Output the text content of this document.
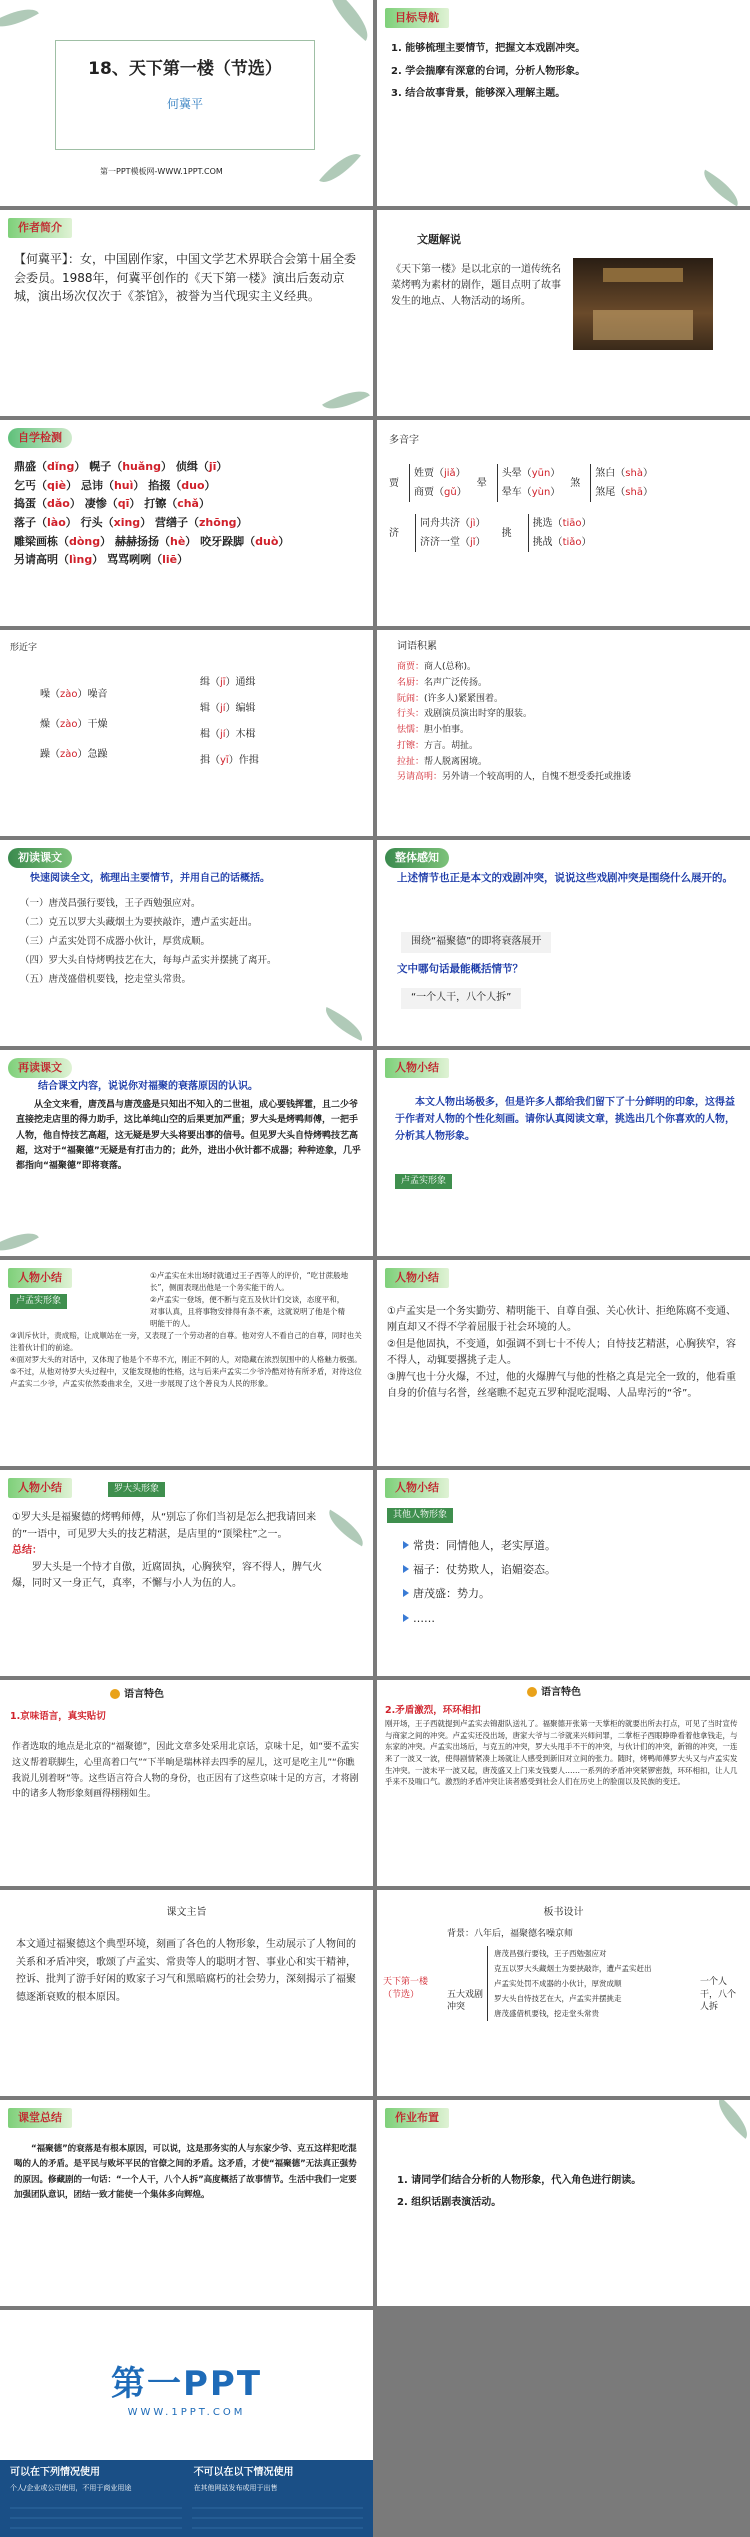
18、天下第一楼（节选）
何冀平
第一PPT模板网-WWW.1PPT.COM
目标导航
1. 能够梳理主要情节，把握文本戏剧冲突。
2. 学会揣摩有深意的台词，分析人物形象。
3. 结合故事背景，能够深入理解主题。
作者简介
【何冀平】：女，中国剧作家，中国文学艺术界联合会第十届全委会委员。1988年，何冀平创作的《天下第一楼》演出后轰动京城，演出场次仅次于《茶馆》，被誉为当代现实主义经典。
文题解说
《天下第一楼》是以北京的一道传统名菜烤鸭为素材的剧作，题目点明了故事发生的地点、人物活动的场所。
自学检测
鼎盛（dǐng） 幌子（huǎng） 侦缉（jī）
乞丐（qiè） 忌讳（huì） 掐掇（duo）
捣蛋（dǎo） 凄惨（qī） 打镲（chǎ）
落子（lào） 行头（xing） 营缮子（zhōng）
雕梁画栋（dòng） 赫赫扬扬（hè） 咬牙跺脚（duò）
另请高明（lìng） 骂骂咧咧（liē）
多音字
贾
姓贾（jiǎ）
商贾（gǔ）
晕
头晕（yūn）
晕车（yùn）
煞
煞白（shà）
煞尾（shā）
济
同舟共济（jì）
济济一堂（jǐ）
挑
挑选（tiāo）
挑战（tiǎo）
形近字
噪（zào）噪音
燥（zào）干燥
躁（zào）急躁
缉（jī）通缉
辑（jí）编辑
楫（jí）木楫
揖（yī）作揖
词语积累
商贾：商人(总称)。
名厨：名声广泛传扬。
阮闹：(许多人)紧紧围着。
行头：戏剧演员演出时穿的服装。
怯懦：胆小怕事。
打镲：方言。胡扯。
拉扯：帮人脱离困境。
另请高明：另外请一个较高明的人，自愧不想受委托或推诿
初读课文
快速阅读全文，梳理出主要情节，并用自己的话概括。
（一）唐茂昌强行要钱，王子西勉强应对。
（二）克五以罗大头藏烟土为要挟敲诈，遭卢孟实赶出。
（三）卢孟实处罚不成器小伙计，厚赏成顺。
（四）罗大头自恃烤鸭技艺在大，每每卢孟实并摆挑了离开。
（五）唐茂盛借机要钱，挖走堂头常贵。
整体感知
上述情节也正是本文的戏剧冲突，说说这些戏剧冲突是围绕什么展开的。
围绕“福聚德”的即将衰落展开
文中哪句话最能概括情节？
“一个人干，八个人拆”
再读课文
结合课文内容，说说你对福聚的衰落原因的认识。
从全文来看，唐茂昌与唐茂盛是只知出不知入的二世祖，成心要钱挥霍，且二少爷直接挖走店里的得力助手，这比单纯山空的后果更加严重；罗大头是烤鸭师傅，一把手人物，他自恃技艺高超，这无疑是罗大头将要出事的信号。但见罗大头自恃烤鸭技艺高超，这对于“福聚德”无疑是有打击力的；此外，进出小伙计都不成器；种种迹象，几乎都指向“福聚德”即将衰落。
人物小结
本文人物出场极多，但是许多人都给我们留下了十分鲜明的印象，这得益于作者对人物的个性化刻画。请你认真阅读文章，挑选出几个你喜欢的人物，分析其人物形象。
卢孟实形象
人物小结
卢孟实形象
①卢孟实在未出场时就通过王子西等人的评价，“吃甘蔗般地长”，侧面表现出他是一个务实能干的人。
②卢孟实一登场，便不断与克五及伙计们交谈，态度平和，对事认真，且将事物安排得有条不紊，这就说明了他是个精明能干的人。
③训斥伙计，责成赔，让成顺站在一旁，又表现了一个劳动者的自尊。他对穷人不看自己的自尊，同时也关注着伙计们的前途。
④面对罗大头的对话中，又体现了他是个不卑不亢，刚正不阿的人，对隐藏在浓烈氛围中的人格魅力极强。
⑤不过，从他对待罗大头过程中，又能发现他的性格，这与后来卢孟实二少爷冷酷对待有所矛盾，对待这位卢孟实二少爷，卢孟实依然委曲求全，又进一步展现了这个善良为人民的形象。
人物小结
①卢孟实是一个务实勤劳、精明能干、自尊自强、关心伙计、拒绝陈腐不变通、刚直却又不得不学着屈服于社会环境的人。
②但是他固执，不变通，如强调不到七十不传人；自恃技艺精湛，心胸狭窄，容不得人，动辄要撂挑子走人。
③脾气也十分火爆，不过，他的火爆脾气与他的性格之真是完全一致的，他看重自身的价值与名誉，丝毫瞧不起克五罗种混吃混喝、人品卑污的“爷”。
人物小结	罗大头形象
①罗大头是福聚德的烤鸭师傅，从“别忘了你们当初是怎么把我请回来的”一语中，可见罗大头的技艺精湛，是店里的“顶梁柱”之一。
总结：
罗大头是一个恃才自傲，近腐固执，心胸狭窄，容不得人，脾气火爆，同时又一身正气，真率，不懈与小人为伍的人。
人物小结
其他人物形象
常贵：同情他人，老实厚道。
福子：仗势欺人，谄媚姿态。
唐茂盛：势力。
……
语言特色
1.京味语言，真实贴切
作者选取的地点是北京的“福聚德”，因此文章多处采用北京话，京味十足，如“要不孟实这义帮着联脚生，心里高着口气”“下半晌是瑞林祥去四季的屋儿，这可是吃主儿”“你瞧我说儿别着呀”等。这些语言符合人物的身份，也正因有了这些京味十足的方言，才将剧中的诸多人物形象刻画得栩栩如生。
语言特色
2.矛盾激烈，环环相扣
刚开场，王子西就提到卢孟实去锦甜队送礼了。福聚德开张第一天掌柜的就要出所去打点，可见了当时宣传与商家之间的冲突。卢孟实还没出场，唐家大爷与二爷就来兴师问罪，二掌柜子西眼睁睁看着他拿钱走，与东家的冲突。卢孟实出场后，与克五的冲突，罗大头甩手不干的冲突，与伙计们的冲突，新锦的冲突，一连来了一波又一波，使得剧情紧凑上场就让人感受到新旧对立间的张力。随时，烤鸭师傅罗大头又与卢孟实发生冲突。一波未平一波又起，唐茂盛又上门来支钱要人……一系列的矛盾冲突紧锣密鼓，环环相扣，让人几乎来不及喘口气。激烈的矛盾冲突让读者感受到社会人们在历史上的脸面以及民族的变迁。
课文主旨
本文通过福聚德这个典型环境，刻画了各色的人物形象，生动展示了人物间的关系和矛盾冲突，歌颂了卢孟实、常贵等人的聪明才智、事业心和实干精神，控诉、批判了游手好闲的败家子习气和黑暗腐朽的社会势力，深刻揭示了福聚德逐渐衰败的根本原因。
板书设计
天下第一楼（节选）
背景：八年后，福聚德名噪京师
五大戏剧冲突
唐茂昌强行要钱，王子西勉强应对
克五以罗大头藏烟土为要挟敲诈，遭卢孟实赶出
卢孟实处罚不成器的小伙计，厚赏成顺
罗大头自恃技艺在大，卢孟实并摆挑走
唐茂盛借机要钱，挖走堂头常贵
一个人干，八个人拆
课堂总结
“福聚德”的衰落是有根本原因，可以说，这是那务实的人与东家少爷、克五这样犯吃混喝的人的矛盾。是平民与败坏平民的官僚之间的矛盾。这矛盾，才使“福聚德”无法真正强势的原因。修藏剧的一句话：“一个人干，八个人拆”高度概括了故事情节。生活中我们一定要加强团队意识，团结一致才能使一个集体多向辉煌。
作业布置
1. 请同学们结合分析的人物形象，代入角色进行朗读。
2. 组织话剧表演活动。
第一PPT
WWW.1PPT.COM
可以在下列情况使用
个人/企业或公司使用，不用于商业用途
不可以在以下情况使用
在其他网站发布或用于出售
